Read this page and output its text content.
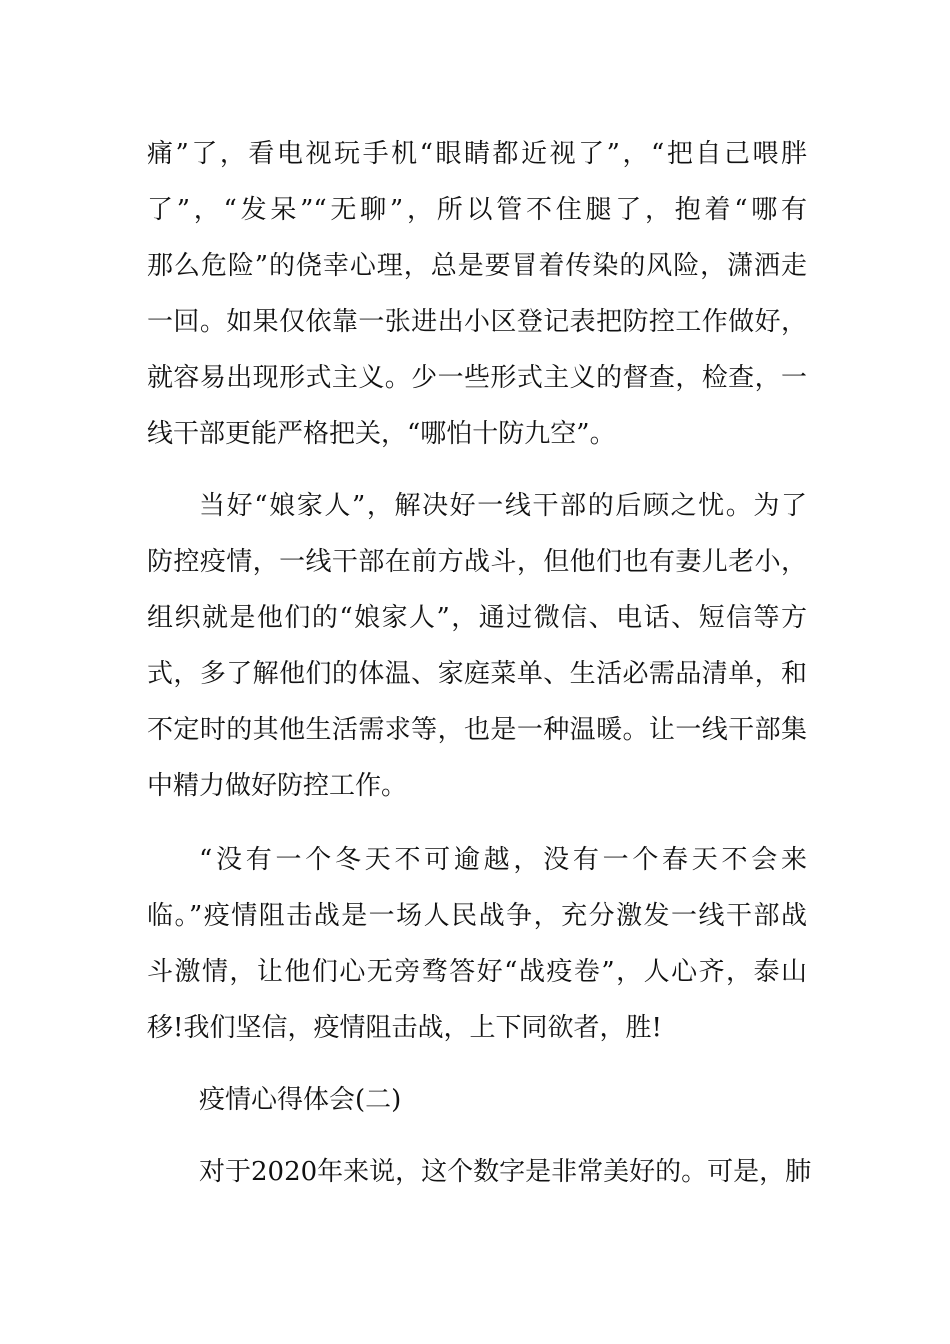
痛”了，看电视玩手机“眼睛都近视了”，“把自己喂胖
了”，“发呆”“无聊”，所以管不住腿了，抱着“哪有
那么危险”的侥幸心理，总是要冒着传染的风险，潇洒走
一回。如果仅依靠一张进出小区登记表把防控工作做好，
就容易出现形式主义。少一些形式主义的督查，检查，一
线干部更能严格把关，“哪怕十防九空”。
当好“娘家人”，解决好一线干部的后顾之忧。为了
防控疫情，一线干部在前方战斗，但他们也有妻儿老小，
组织就是他们的“娘家人”，通过微信、电话、短信等方
式，多了解他们的体温、家庭菜单、生活必需品清单，和
不定时的其他生活需求等，也是一种温暖。让一线干部集
中精力做好防控工作。
“没有一个冬天不可逾越，没有一个春天不会来
临。”疫情阻击战是一场人民战争，充分激发一线干部战
斗激情，让他们心无旁骛答好“战疫卷”，人心齐，泰山
移!我们坚信，疫情阻击战，上下同欲者，胜!
疫情心得体会(二)
对于2020年来说，这个数字是非常美好的。可是，肺
